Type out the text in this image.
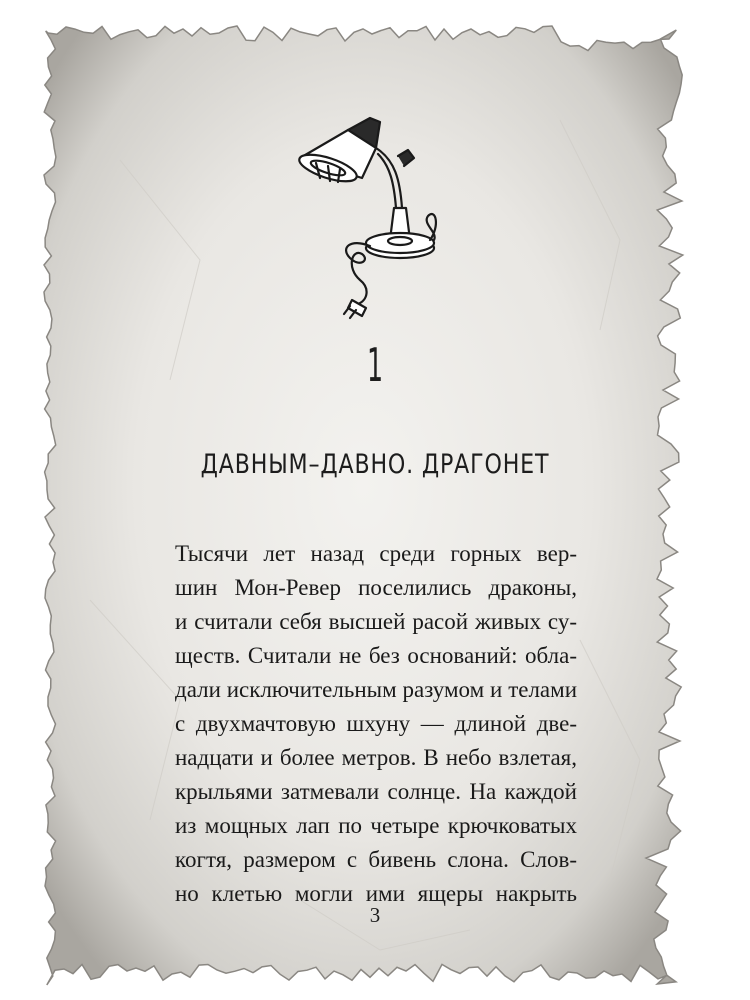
1
ДАВНЫМ–ДАВНО. ДРАГОНЕТ
Тысячи лет назад среди горных вер-
шин Мон-Ревер поселились драконы,
и считали себя высшей расой живых су-
ществ. Считали не без оснований: обла-
дали исключительным разумом и телами
с двухмачтовую шхуну — длиной две-
надцати и более метров. В небо взлетая,
крыльями затмевали солнце. На каждой
из мощных лап по четыре крючковатых
когтя, размером с бивень слона. Слов-
но клетью могли ими ящеры накрыть
3
